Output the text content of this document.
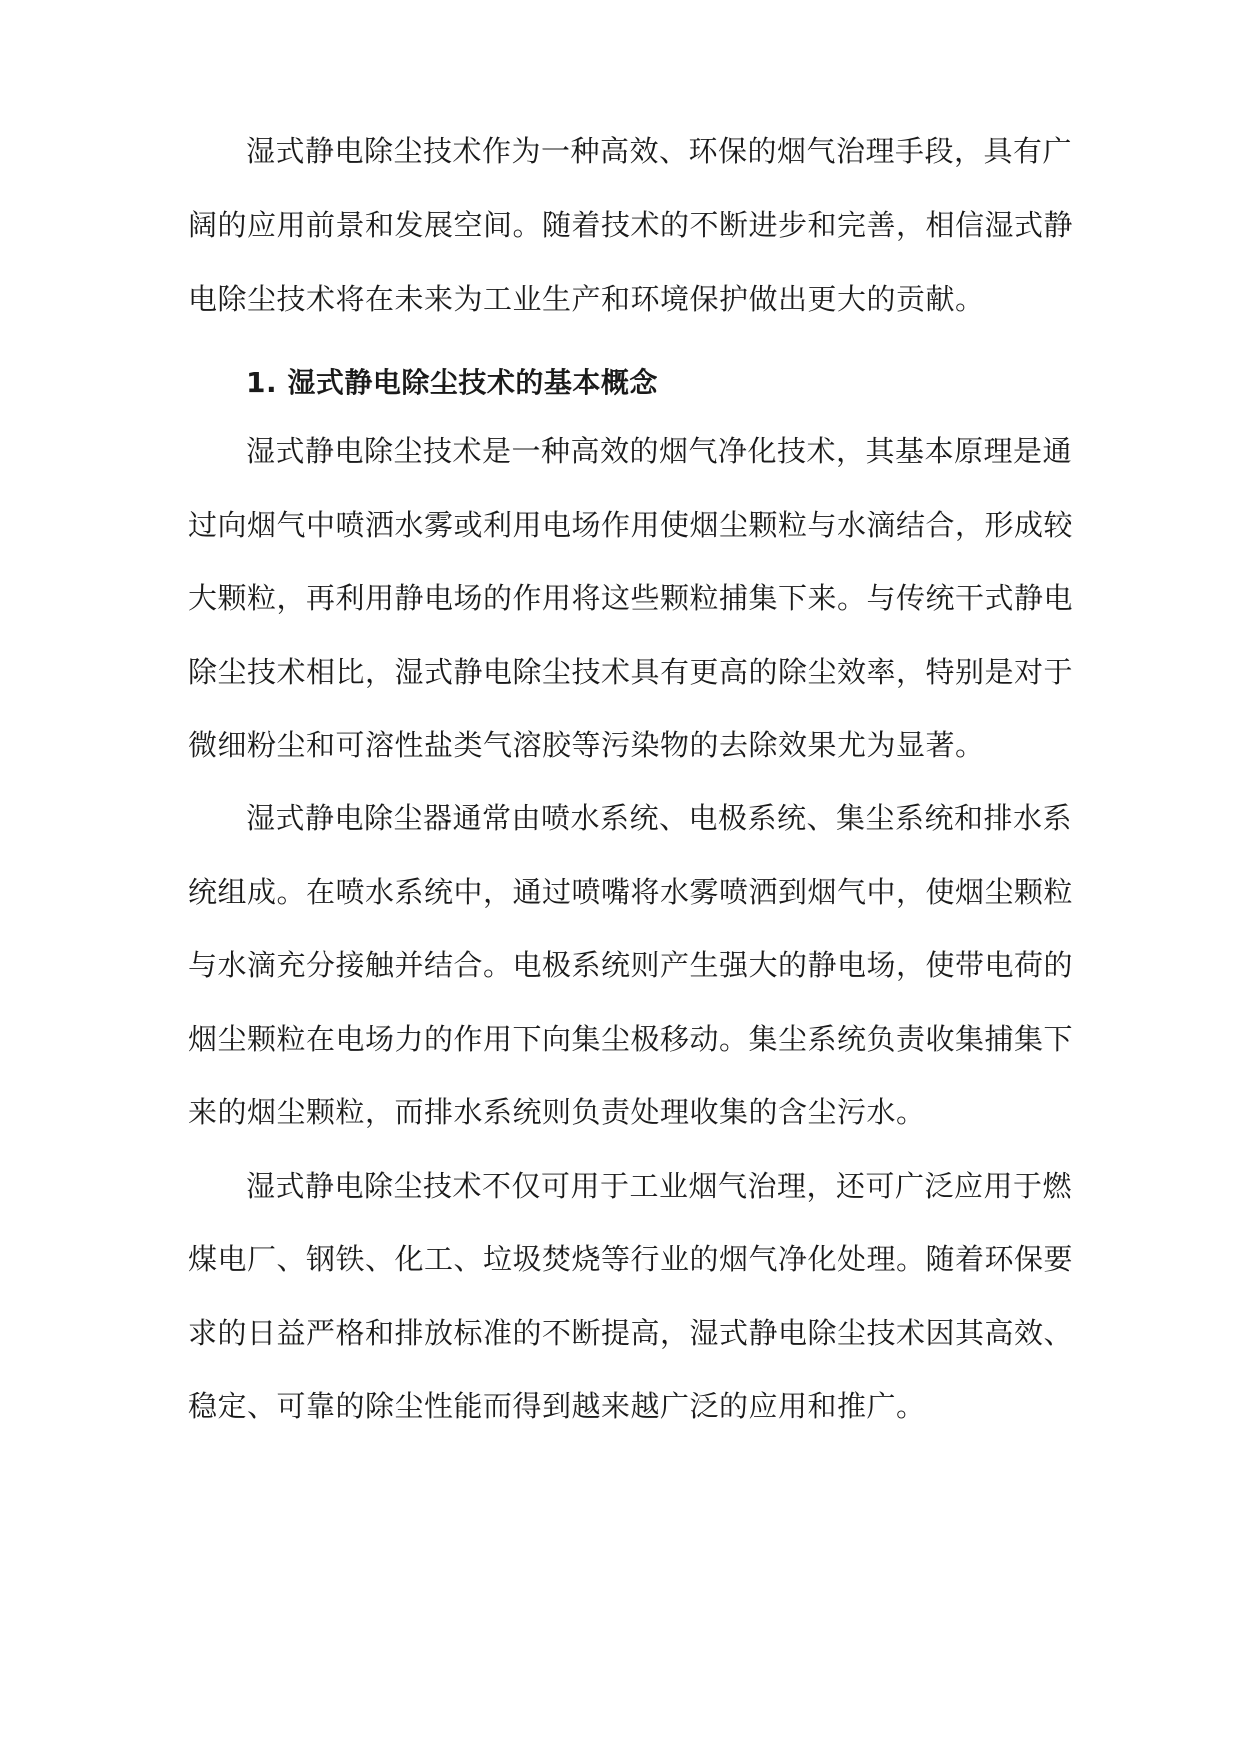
湿式静电除尘技术作为一种高效、环保的烟气治理手段，具有广
阔的应用前景和发展空间。随着技术的不断进步和完善，相信湿式静
电除尘技术将在未来为工业生产和环境保护做出更大的贡献。
1. 湿式静电除尘技术的基本概念
湿式静电除尘技术是一种高效的烟气净化技术，其基本原理是通
过向烟气中喷洒水雾或利用电场作用使烟尘颗粒与水滴结合，形成较
大颗粒，再利用静电场的作用将这些颗粒捕集下来。与传统干式静电
除尘技术相比，湿式静电除尘技术具有更高的除尘效率，特别是对于
微细粉尘和可溶性盐类气溶胶等污染物的去除效果尤为显著。
湿式静电除尘器通常由喷水系统、电极系统、集尘系统和排水系
统组成。在喷水系统中，通过喷嘴将水雾喷洒到烟气中，使烟尘颗粒
与水滴充分接触并结合。电极系统则产生强大的静电场，使带电荷的
烟尘颗粒在电场力的作用下向集尘极移动。集尘系统负责收集捕集下
来的烟尘颗粒，而排水系统则负责处理收集的含尘污水。
湿式静电除尘技术不仅可用于工业烟气治理，还可广泛应用于燃
煤电厂、钢铁、化工、垃圾焚烧等行业的烟气净化处理。随着环保要
求的日益严格和排放标准的不断提高，湿式静电除尘技术因其高效、
稳定、可靠的除尘性能而得到越来越广泛的应用和推广。
